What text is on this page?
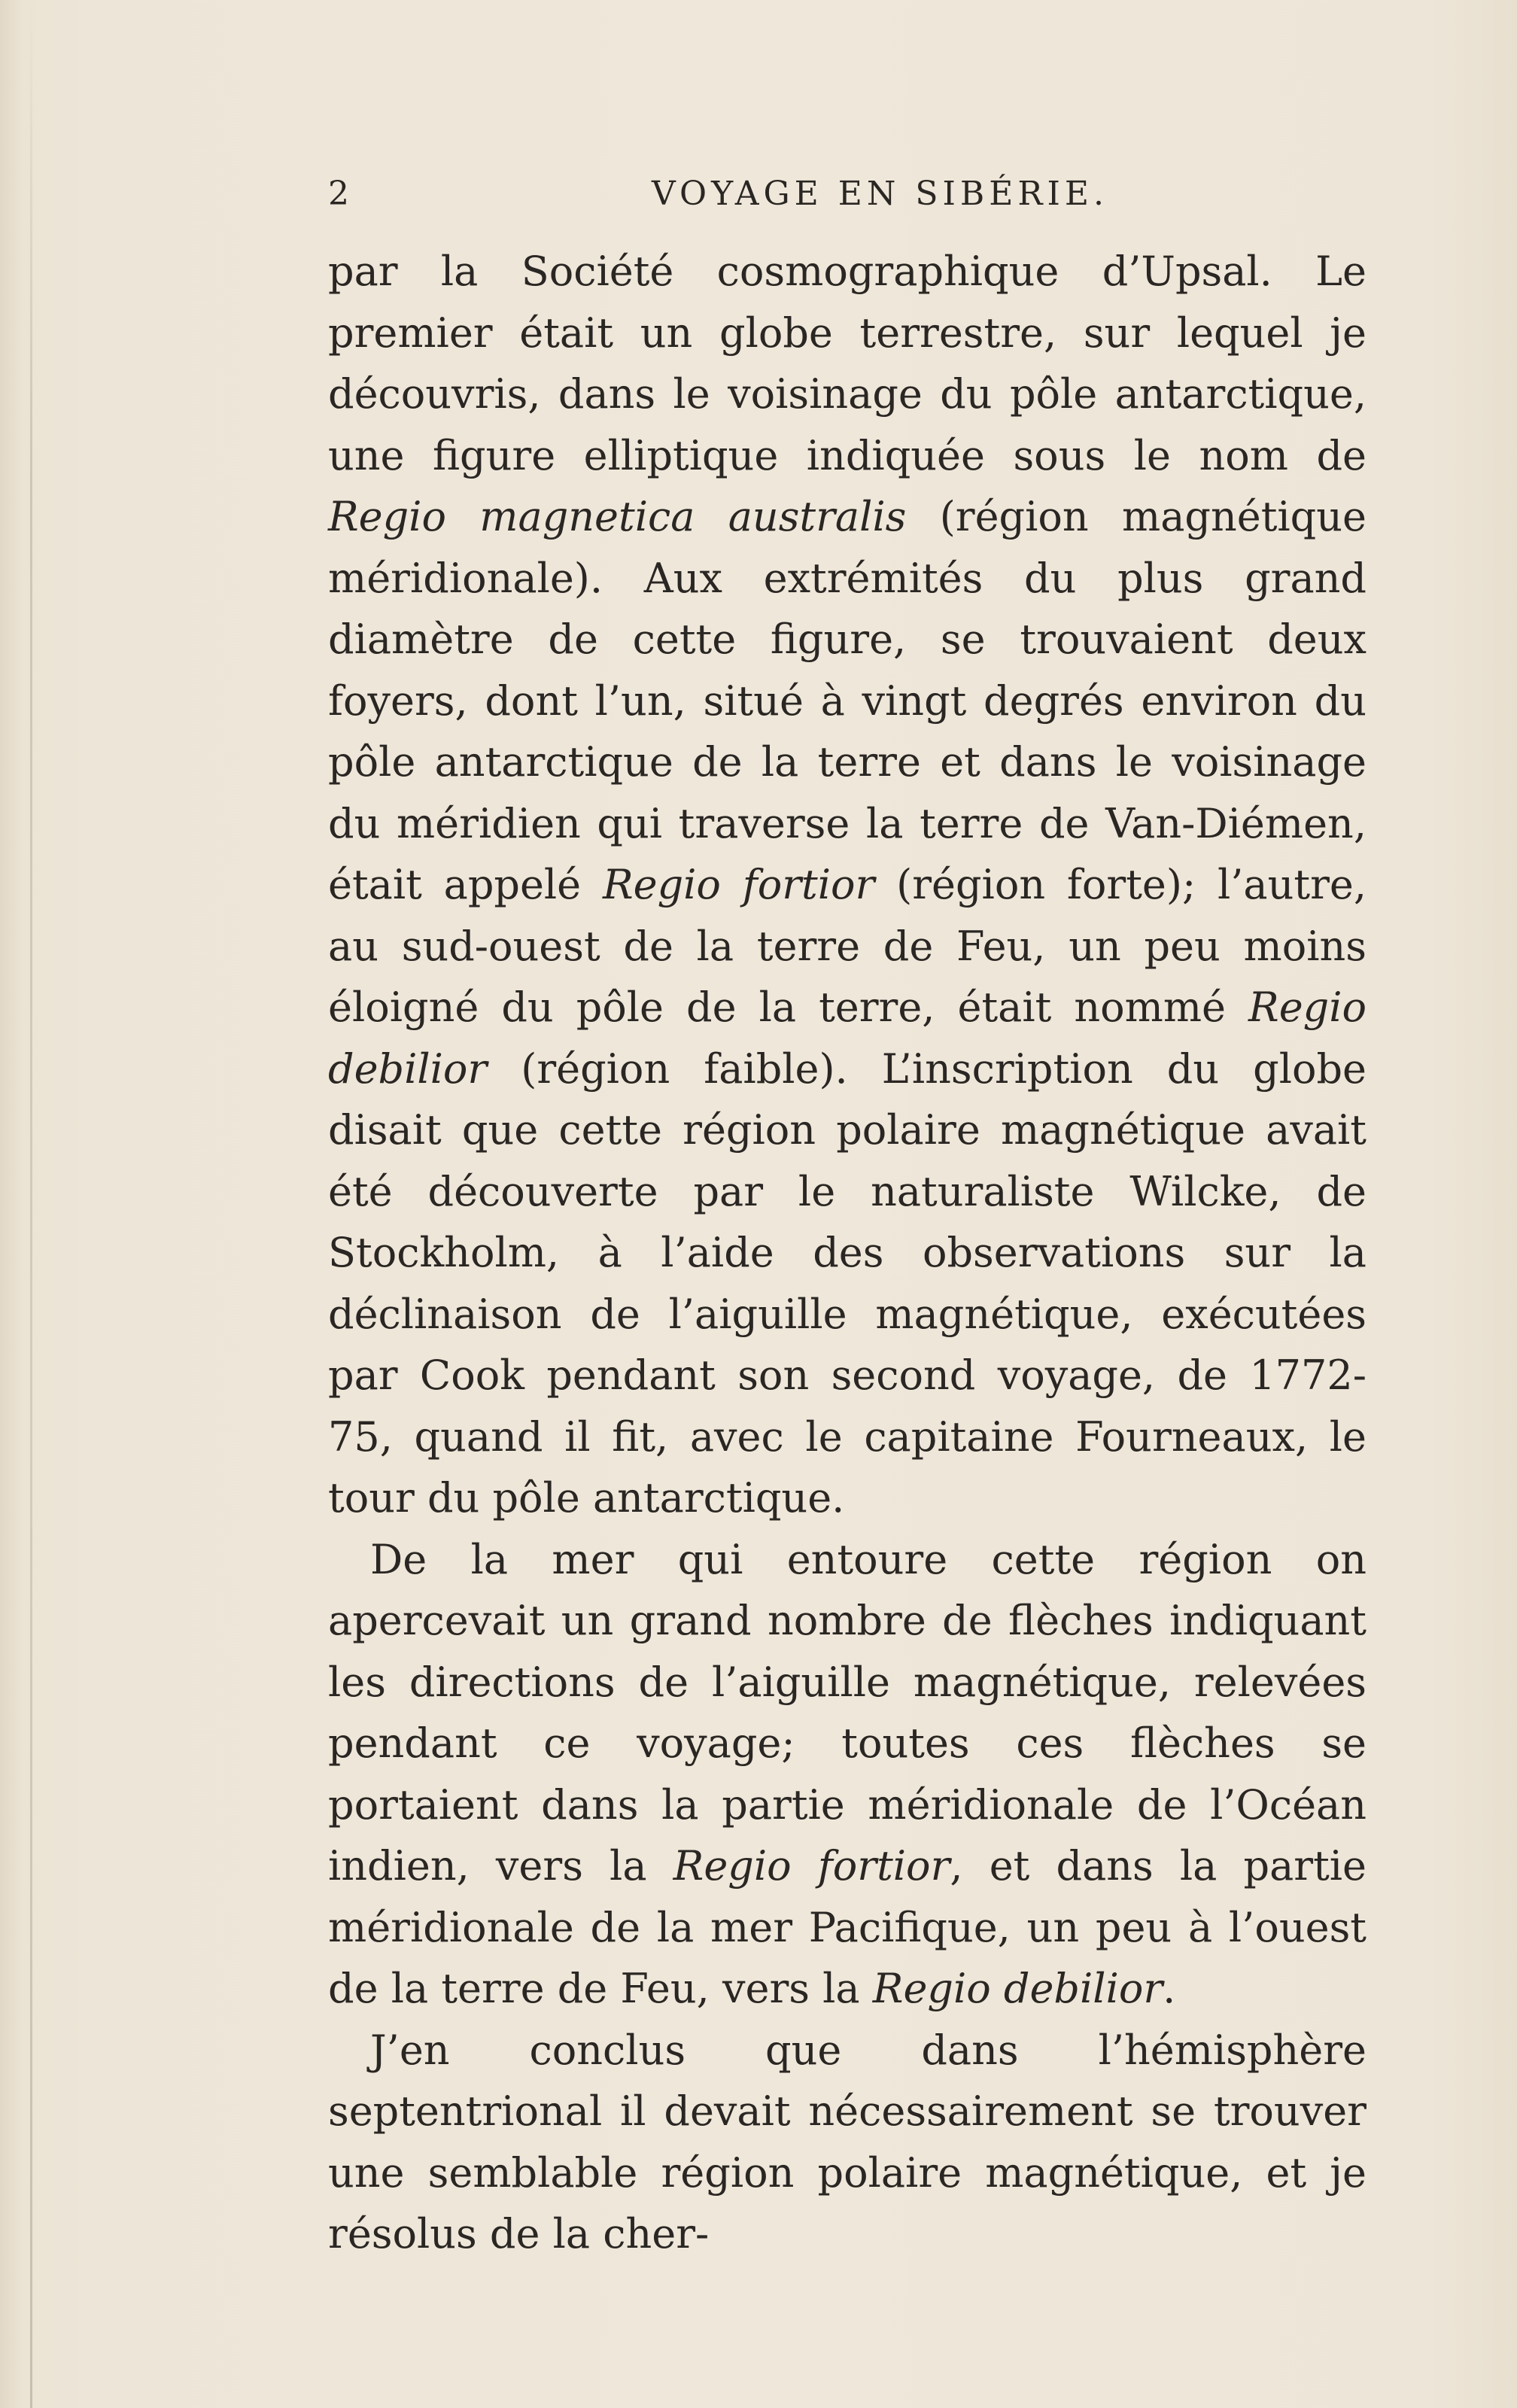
2	VOYAGE EN SIBÉRIE.

par la Société cosmographique d’Upsal. Le premier était un globe terrestre, sur lequel je découvris, dans le voisinage du pôle antarctique, une figure elliptique indiquée sous le nom de Regio magnetica australis (région magnétique méridionale). Aux extrémités du plus grand diamètre de cette figure, se trouvaient deux foyers, dont l’un, situé à vingt degrés environ du pôle antarctique de la terre et dans le voisinage du méridien qui traverse la terre de Van-Diémen, était appelé Regio fortior (région forte); l’autre, au sud-ouest de la terre de Feu, un peu moins éloigné du pôle de la terre, était nommé Regio debilior (région faible). L’inscription du globe disait que cette région polaire magnétique avait été découverte par le naturaliste Wilcke, de Stockholm, à l’aide des observations sur la déclinaison de l’aiguille magnétique, exécutées par Cook pendant son second voyage, de 1772-75, quand il fit, avec le capitaine Fourneaux, le tour du pôle antarctique.

De la mer qui entoure cette région on apercevait un grand nombre de flèches indiquant les directions de l’aiguille magnétique, relevées pendant ce voyage; toutes ces flèches se portaient dans la partie méridionale de l’Océan indien, vers la Regio fortior, et dans la partie méridionale de la mer Pacifique, un peu à l’ouest de la terre de Feu, vers la Regio debilior.

J’en conclus que dans l’hémisphère septentrional il devait nécessairement se trouver une semblable région polaire magnétique, et je résolus de la cher-
